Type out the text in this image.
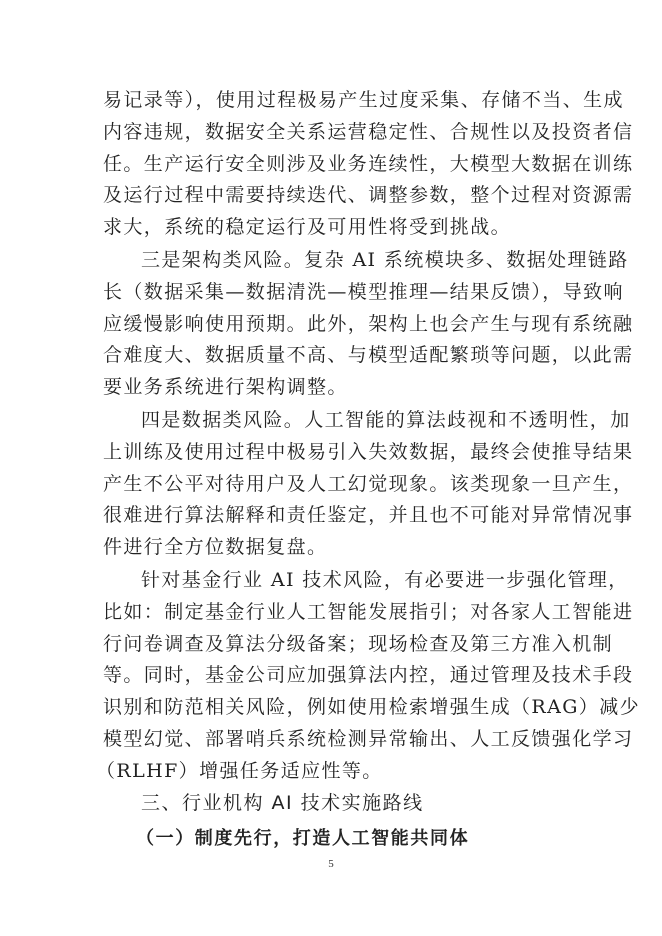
易记录等），使用过程极易产生过度采集、存储不当、生成
内容违规，数据安全关系运营稳定性、合规性以及投资者信
任。生产运行安全则涉及业务连续性，大模型大数据在训练
及运行过程中需要持续迭代、调整参数，整个过程对资源需
求大，系统的稳定运行及可用性将受到挑战。
三是架构类风险。复杂 AI 系统模块多、数据处理链路
长（数据采集—数据清洗—模型推理—结果反馈），导致响
应缓慢影响使用预期。此外，架构上也会产生与现有系统融
合难度大、数据质量不高、与模型适配繁琐等问题，以此需
要业务系统进行架构调整。
四是数据类风险。人工智能的算法歧视和不透明性，加
上训练及使用过程中极易引入失效数据，最终会使推导结果
产生不公平对待用户及人工幻觉现象。该类现象一旦产生，
很难进行算法解释和责任鉴定，并且也不可能对异常情况事
件进行全方位数据复盘。
针对基金行业 AI 技术风险，有必要进一步强化管理，
比如：制定基金行业人工智能发展指引；对各家人工智能进
行问卷调查及算法分级备案；现场检查及第三方准入机制
等。同时，基金公司应加强算法内控，通过管理及技术手段
识别和防范相关风险，例如使用检索增强生成（RAG）减少
模型幻觉、部署哨兵系统检测异常输出、人工反馈强化学习
（RLHF）增强任务适应性等。
三、行业机构 AI 技术实施路线
（一）制度先行，打造人工智能共同体
5
